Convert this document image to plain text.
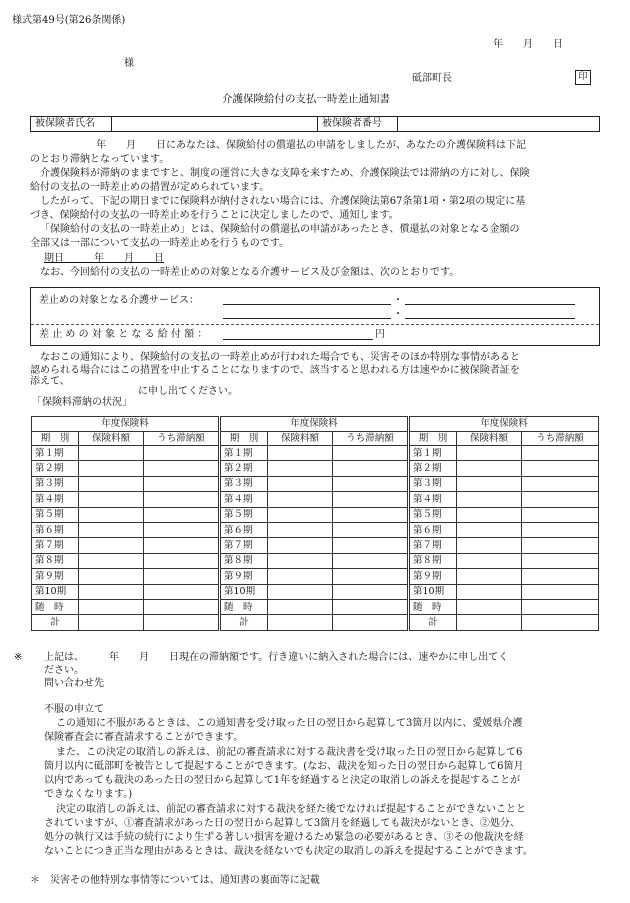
様式第49号(第26条関係)
年　　月　　日
様
砥部町長	印
介護保険給付の支払一時差止通知書
被保険者氏名	被保険者番号
年　　月　　日にあなたは、保険給付の償還払の申請をしましたが、あなたの介護保険料は下記
のとおり滞納となっています。
介護保険料が滞納のままですと、制度の運営に大きな支障を来すため、介護保険法では滞納の方に対し、保険
給付の支払の一時差止めの措置が定められています。
したがって、下記の期日までに保険料が納付されない場合には、介護保険法第67条第1項・第2項の規定に基
づき、保険給付の支払の一時差止めを行うことに決定しましたので、通知します。
「保険給付の支払の一時差止め」とは、保険給付の償還払の申請があったとき、償還払の対象となる金額の
全部又は一部について支払の一時差止めを行うものです。
期日　　　年　　月　　日
なお、今回給付の支払の一時差止めの対象となる介護サービス及び金額は、次のとおりです。
差止めの対象となる介護サービス：	・
・
差止めの対象となる給付額：	円
なおこの通知により、保険給付の支払の一時差止めが行われた場合でも、災害そのほか特別な事情があると
認められる場合にはこの措置を中止することになりますので、該当すると思われる方は速やかに被保険者証を
添えて、
に申し出てください。
「保険料滞納の状況」
年度保険料		
期　別	保険料額	うち滞納額
第１期		
第２期		
第３期		
第４期		
第５期		
第６期		
第７期		
第８期		
第９期		
第10期		
随　時		
計		
年度保険料		
期　別	保険料額	うち滞納額
第１期		
第２期		
第３期		
第４期		
第５期		
第６期		
第７期		
第８期		
第９期		
第10期		
随　時		
計		
年度保険料		
期　別	保険料額	うち滞納額
第１期		
第２期		
第３期		
第４期		
第５期		
第６期		
第７期		
第８期		
第９期		
第10期		
随　時		
計		
※ 上記は、　　　年　　月　　日現在の滞納額です。行き違いに納入された場合には、速やかに申し出てく
ださい。
問い合わせ先
不服の申立て
この通知に不服があるときは、この通知書を受け取った日の翌日から起算して3箇月以内に、愛媛県介護
保険審査会に審査請求することができます。
また、この決定の取消しの訴えは、前記の審査請求に対する裁決書を受け取った日の翌日から起算して6
箇月以内に砥部町を被告として提起することができます。(なお、裁決を知った日の翌日から起算して6箇月
以内であっても裁決のあった日の翌日から起算して1年を経過すると決定の取消しの訴えを提起することが
できなくなります。)
決定の取消しの訴えは、前記の審査請求に対する裁決を経た後でなければ提起することができないことと
されていますが、①審査請求があった日の翌日から起算して3箇月を経過しても裁決がないとき、②処分、
処分の執行又は手続の続行により生ずる著しい損害を避けるため緊急の必要があるとき、③その他裁決を経
ないことにつき正当な理由があるときは、裁決を経ないでも決定の取消しの訴えを提起することができます。
＊　災害その他特別な事情等については、通知書の裏面等に記載
